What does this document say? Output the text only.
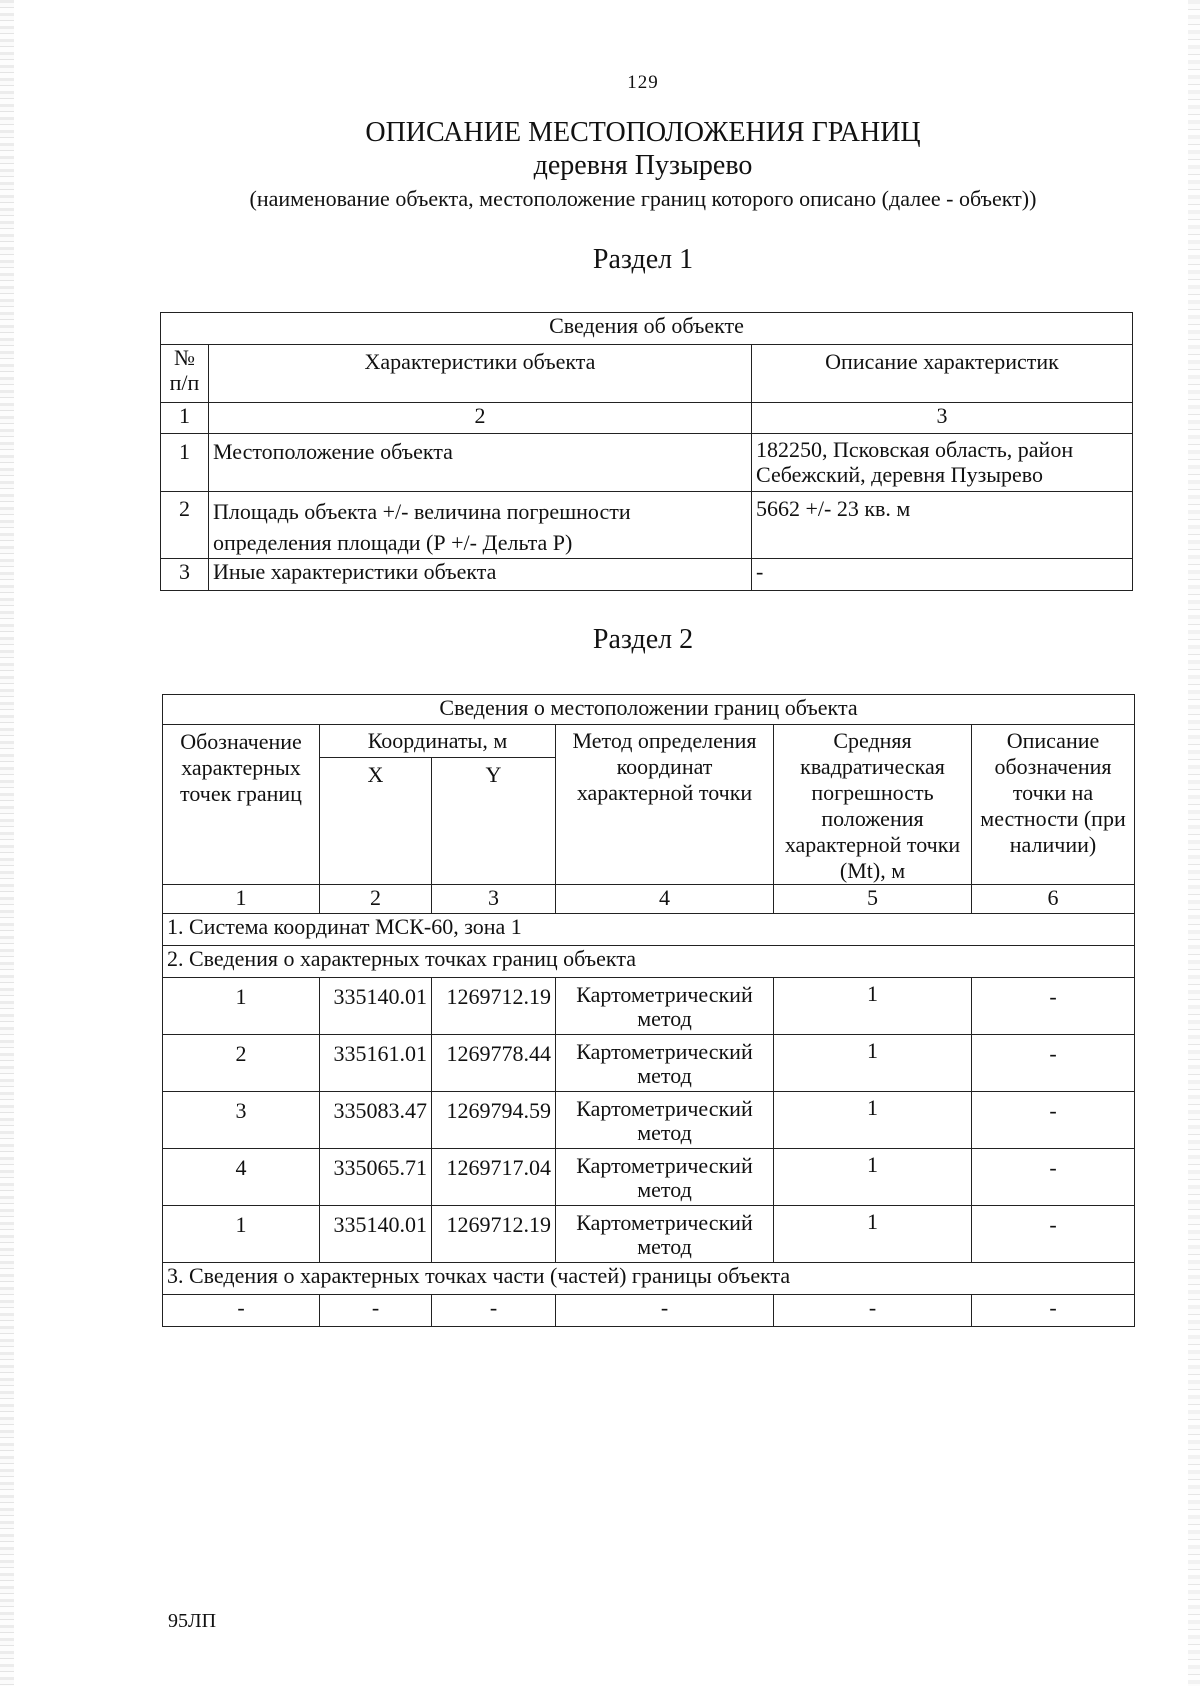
129
ОПИСАНИЕ МЕСТОПОЛОЖЕНИЯ ГРАНИЦ
деревня Пузырево
(наименование объекта, местоположение границ которого описано (далее - объект))
Раздел 1
Сведения об объекте		
№ п/п	Характеристики объекта	Описание характеристик
1	2	3
1	Местоположение объекта	182250, Псковская область, район Себежский, деревня Пузырево
2	Площадь объекта +/- величина погрешности определения площади (Р +/- Дельта Р)	5662 +/- 23 кв. м
3	Иные характеристики объекта	-
Раздел 2
Сведения о местоположении границ объекта					
Обозначение характерных точек границ	Координаты, м		Метод определения координат характерной точки	Средняя квадратическая погрешность положения характерной точки (Mt), м	Описание обозначения точки на местности (при наличии)
	X	Y			
1	2	3	4	5	6
1. Система координат МСК-60, зона 1					
2. Сведения о характерных точках границ объекта					
1	335140.01	1269712.19	Картометрический метод	1	-
2	335161.01	1269778.44	Картометрический метод	1	-
3	335083.47	1269794.59	Картометрический метод	1	-
4	335065.71	1269717.04	Картометрический метод	1	-
1	335140.01	1269712.19	Картометрический метод	1	-
3. Сведения о характерных точках части (частей) границы объекта					
-	-	-	-	-	-
95ЛП
